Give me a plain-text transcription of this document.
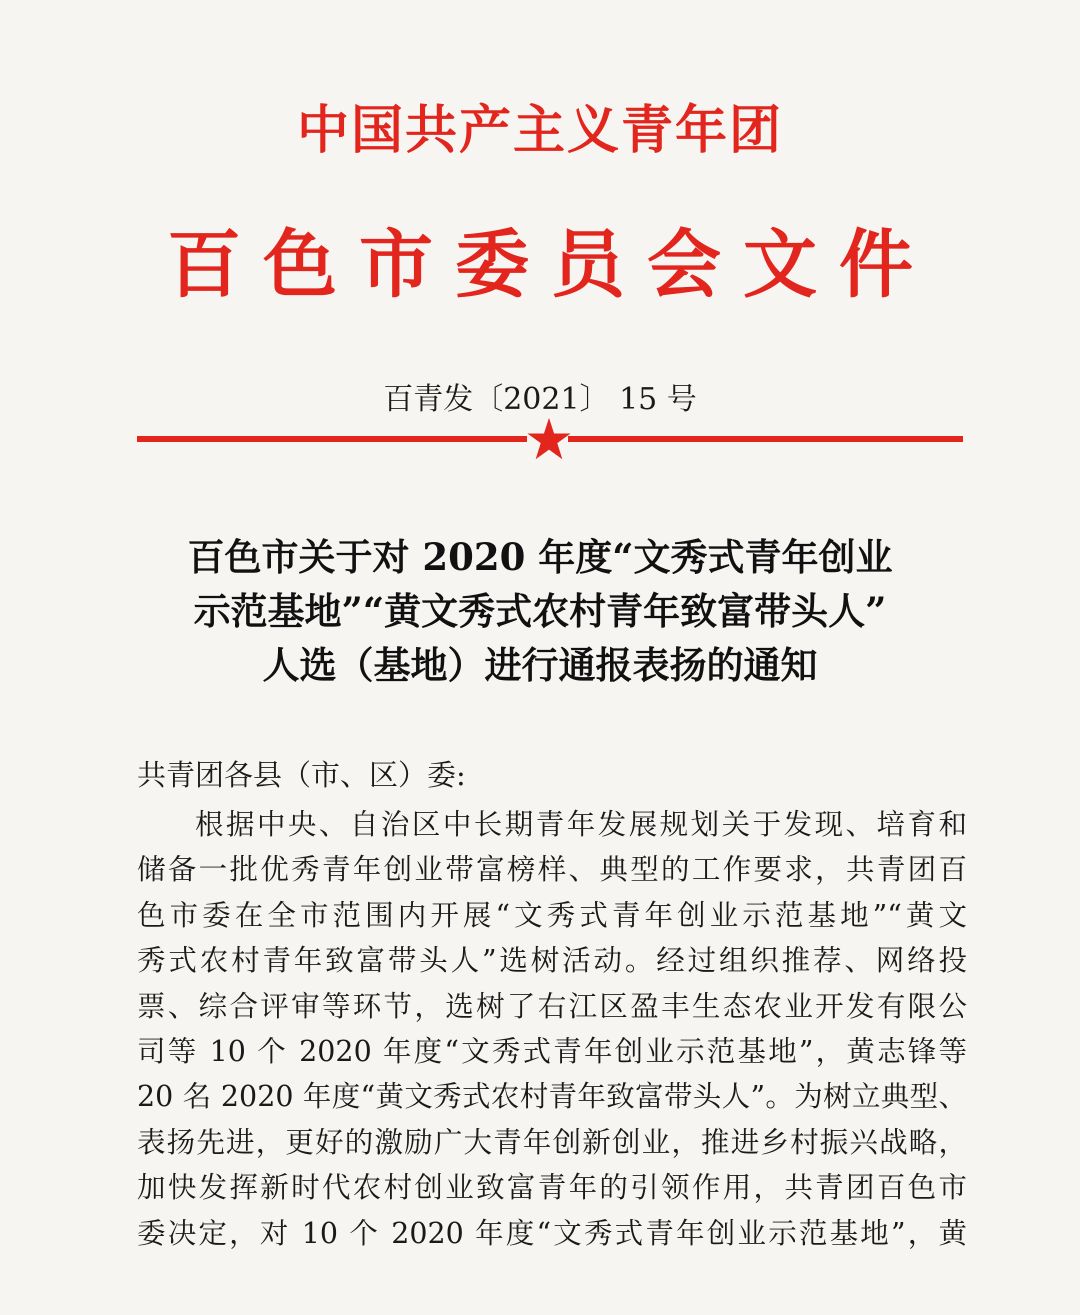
中国共产主义青年团
百色市委员会文件
百青发〔2021〕 15 号
百色市关于对 2020 年度“文秀式青年创业
示范基地”“黄文秀式农村青年致富带头人”
人选（基地）进行通报表扬的通知
共青团各县（市、区）委:
根据中央、自治区中长期青年发展规划关于发现、培育和
储备一批优秀青年创业带富榜样、典型的工作要求，共青团百
色市委在全市范围内开展“文秀式青年创业示范基地”“黄文
秀式农村青年致富带头人”选树活动。经过组织推荐、网络投
票、综合评审等环节，选树了右江区盈丰生态农业开发有限公
司等 10 个 2020 年度“文秀式青年创业示范基地”，黄志锋等
20 名 2020 年度“黄文秀式农村青年致富带头人”。为树立典型、
表扬先进，更好的激励广大青年创新创业，推进乡村振兴战略，
加快发挥新时代农村创业致富青年的引领作用，共青团百色市
委决定，对 10 个 2020 年度“文秀式青年创业示范基地”，黄
